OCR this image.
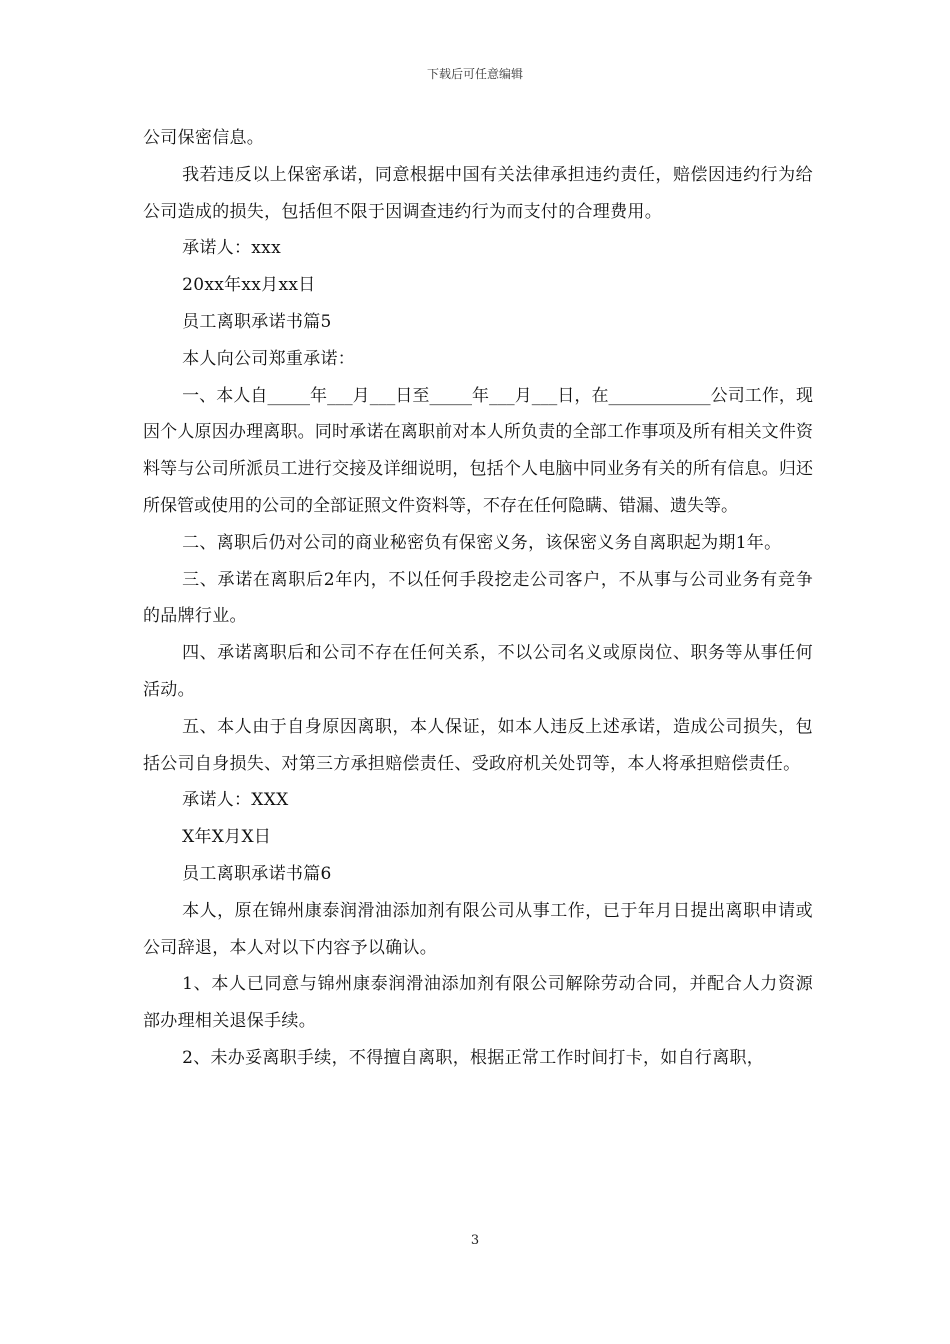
下载后可任意编辑

公司保密信息。

我若违反以上保密承诺，同意根据中国有关法律承担违约责任，赔偿因违约行为给公司造成的损失，包括但不限于因调查违约行为而支付的合理费用。

承诺人：xxx

20xx年xx月xx日

员工离职承诺书篇5

本人向公司郑重承诺：

一、本人自_____年___月___日至_____年___月___日，在____________公司工作，现因个人原因办理离职。同时承诺在离职前对本人所负责的全部工作事项及所有相关文件资料等与公司所派员工进行交接及详细说明，包括个人电脑中同业务有关的所有信息。归还所保管或使用的公司的全部证照文件资料等，不存在任何隐瞒、错漏、遗失等。

二、离职后仍对公司的商业秘密负有保密义务，该保密义务自离职起为期1年。

三、承诺在离职后2年内，不以任何手段挖走公司客户，不从事与公司业务有竞争的品牌行业。

四、承诺离职后和公司不存在任何关系，不以公司名义或原岗位、职务等从事任何活动。

五、本人由于自身原因离职，本人保证，如本人违反上述承诺，造成公司损失，包括公司自身损失、对第三方承担赔偿责任、受政府机关处罚等，本人将承担赔偿责任。

承诺人：XXX

X年X月X日

员工离职承诺书篇6

本人，原在锦州康泰润滑油添加剂有限公司从事工作，已于年月日提出离职申请或公司辞退，本人对以下内容予以确认。

1、本人已同意与锦州康泰润滑油添加剂有限公司解除劳动合同，并配合人力资源部办理相关退保手续。

2、未办妥离职手续，不得擅自离职，根据正常工作时间打卡，如自行离职，

3
